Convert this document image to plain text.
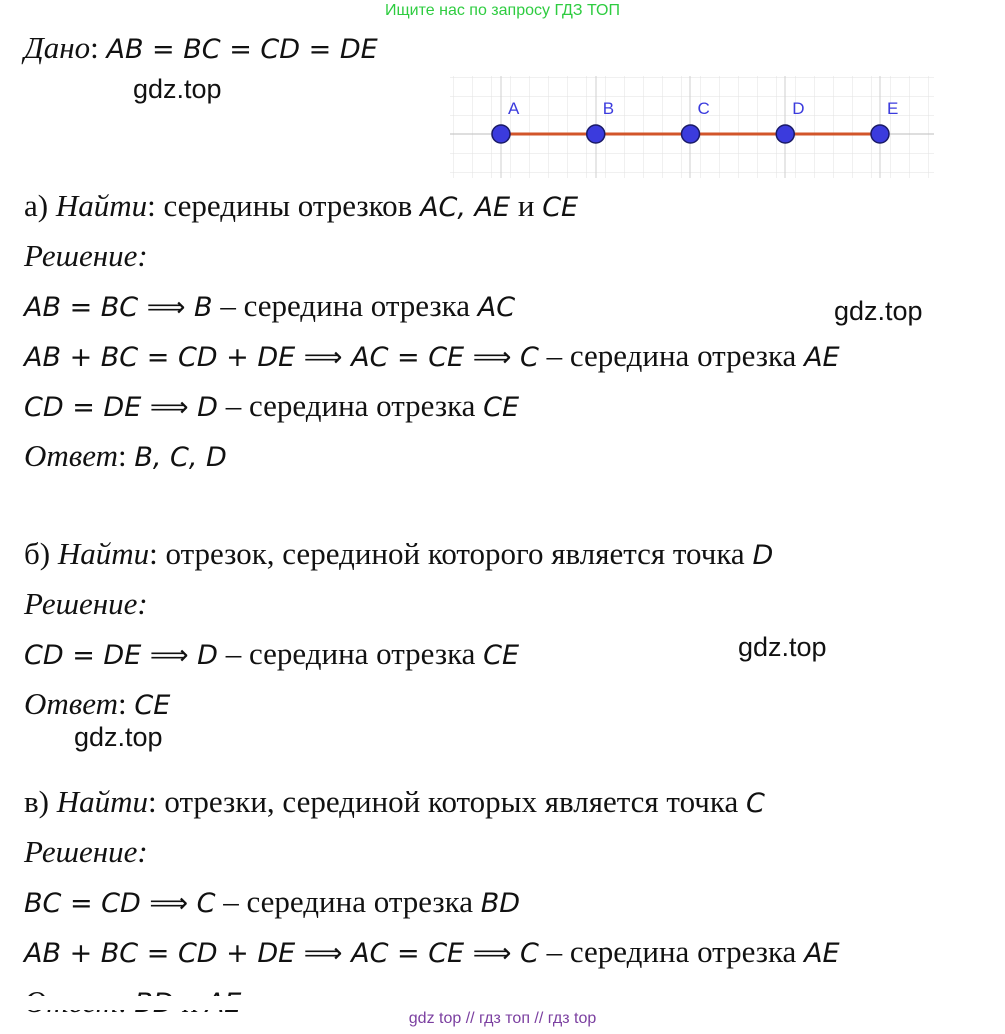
Ищите нас по запросу ГДЗ ТОП
Дано: AB = BC = CD = DE
gdz.top
A	B	C	D	E
а) Найти: середины отрезков AC, AE и CE
Решение:
AB = BC ⟹ B – середина отрезка AC	gdz.top
AB + BC = CD + DE ⟹ AC = CE ⟹ C – середина отрезка AE
CD = DE ⟹ D – середина отрезка CE
Ответ: B, C, D
б) Найти: отрезок, серединой которого является точка D
Решение:
CD = DE ⟹ D – середина отрезка CE	gdz.top
Ответ: CE
gdz.top
в) Найти: отрезки, серединой которых является точка C
Решение:
BC = CD ⟹ C – середина отрезка BD
AB + BC = CD + DE ⟹ AC = CE ⟹ C – середина отрезка AE
gdz top // гдз топ // гдз top
